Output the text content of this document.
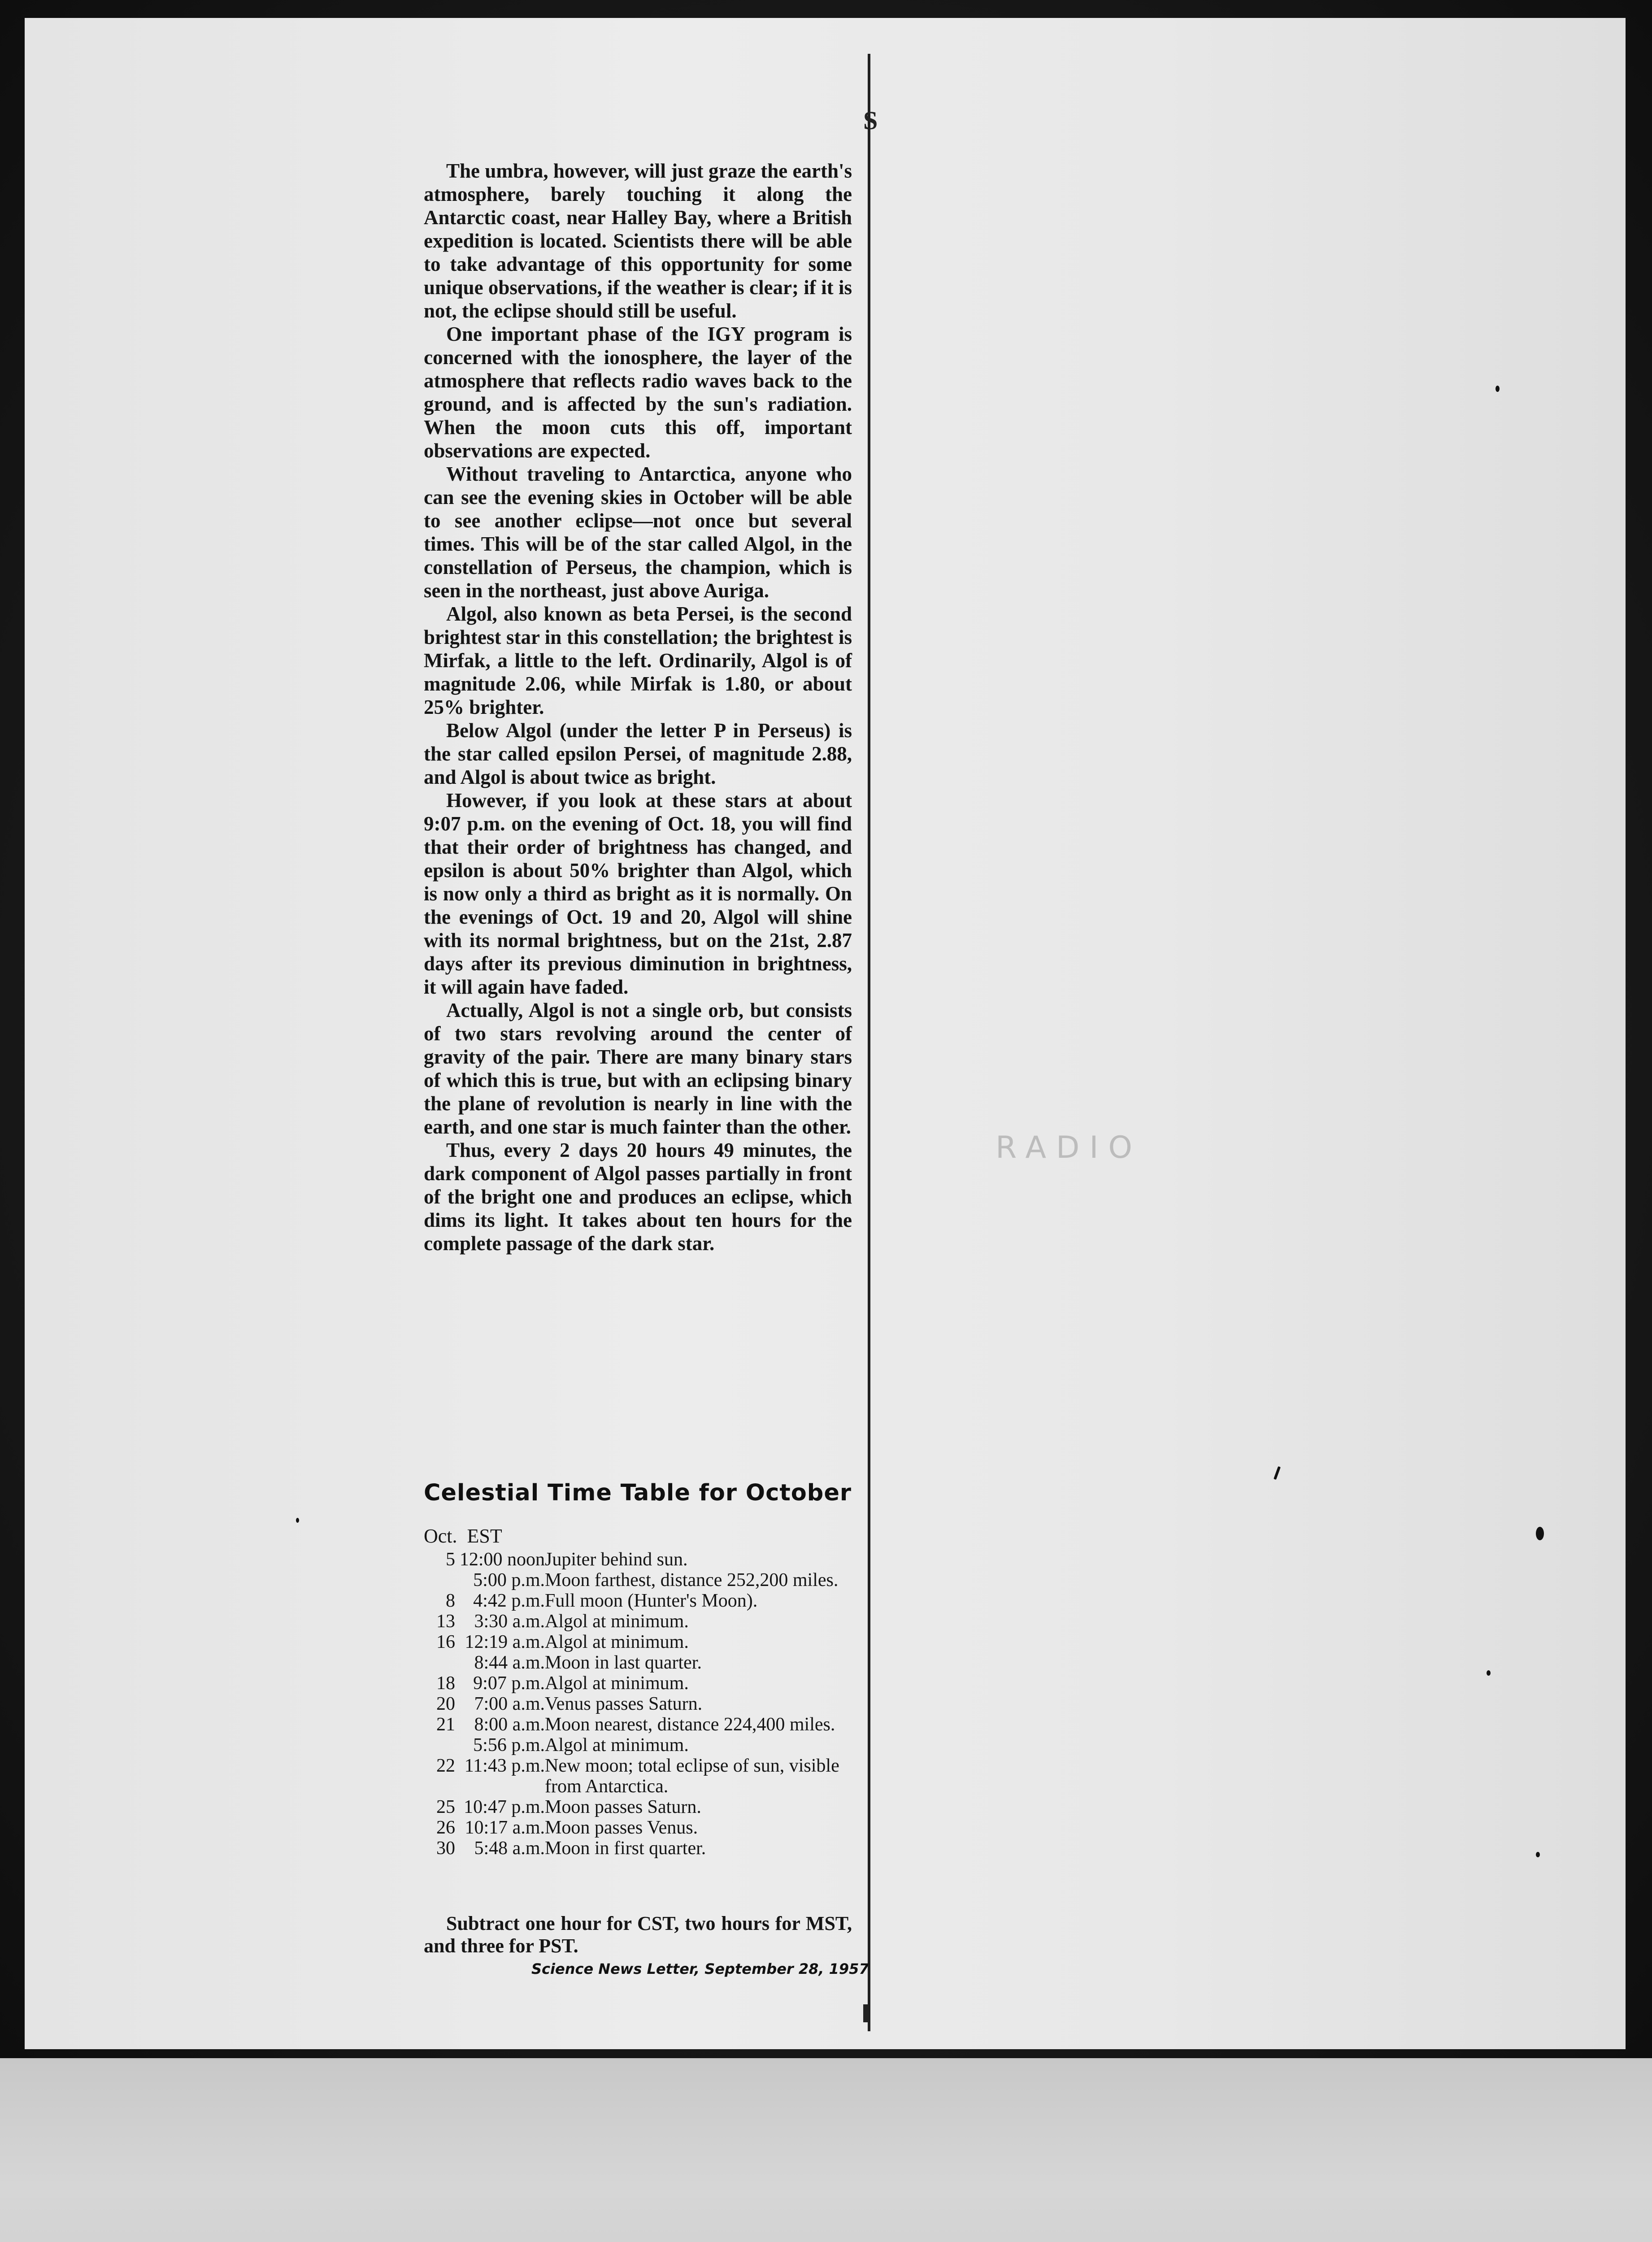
RADIO
S

The umbra, however, will just graze the earth's atmosphere, barely touching it along the Antarctic coast, near Halley Bay, where a British expedition is located. Scientists there will be able to take advantage of this opportunity for some unique observations, if the weather is clear; if it is not, the eclipse should still be useful.

One important phase of the IGY program is concerned with the ionosphere, the layer of the atmosphere that reflects radio waves back to the ground, and is affected by the sun's radiation. When the moon cuts this off, important observations are expected.

Without traveling to Antarctica, anyone who can see the evening skies in October will be able to see another eclipse—not once but several times. This will be of the star called Algol, in the constellation of Perseus, the champion, which is seen in the northeast, just above Auriga.

Algol, also known as beta Persei, is the second brightest star in this constellation; the brightest is Mirfak, a little to the left. Ordinarily, Algol is of magnitude 2.06, while Mirfak is 1.80, or about 25% brighter.

Below Algol (under the letter P in Perseus) is the star called epsilon Persei, of magnitude 2.88, and Algol is about twice as bright.

However, if you look at these stars at about 9:07 p.m. on the evening of Oct. 18, you will find that their order of brightness has changed, and epsilon is about 50% brighter than Algol, which is now only a third as bright as it is normally. On the evenings of Oct. 19 and 20, Algol will shine with its normal brightness, but on the 21st, 2.87 days after its previous diminution in brightness, it will again have faded.

Actually, Algol is not a single orb, but consists of two stars revolving around the center of gravity of the pair. There are many binary stars of which this is true, but with an eclipsing binary the plane of revolution is nearly in line with the earth, and one star is much fainter than the other.

Thus, every 2 days 20 hours 49 minutes, the dark component of Algol passes partially in front of the bright one and produces an eclipse, which dims its light. It takes about ten hours for the complete passage of the dark star.

Celestial Time Table for October
Oct. EST
5	12:00 noon	Jupiter behind sun.
	5:00 p.m.	Moon farthest, distance 252,200 miles.
8	4:42 p.m.	Full moon (Hunter's Moon).
13	3:30 a.m.	Algol at minimum.
16	12:19 a.m.	Algol at minimum.
	8:44 a.m.	Moon in last quarter.
18	9:07 p.m.	Algol at minimum.
20	7:00 a.m.	Venus passes Saturn.
21	8:00 a.m.	Moon nearest, distance 224,400 miles.
	5:56 p.m.	Algol at minimum.
22	11:43 p.m.	New moon; total eclipse of sun, visible from Antarctica.
25	10:47 p.m.	Moon passes Saturn.
26	10:17 a.m.	Moon passes Venus.
30	5:48 a.m.	Moon in first quarter.
Subtract one hour for CST, two hours for MST, and three for PST.
Science News Letter, September 28, 1957
